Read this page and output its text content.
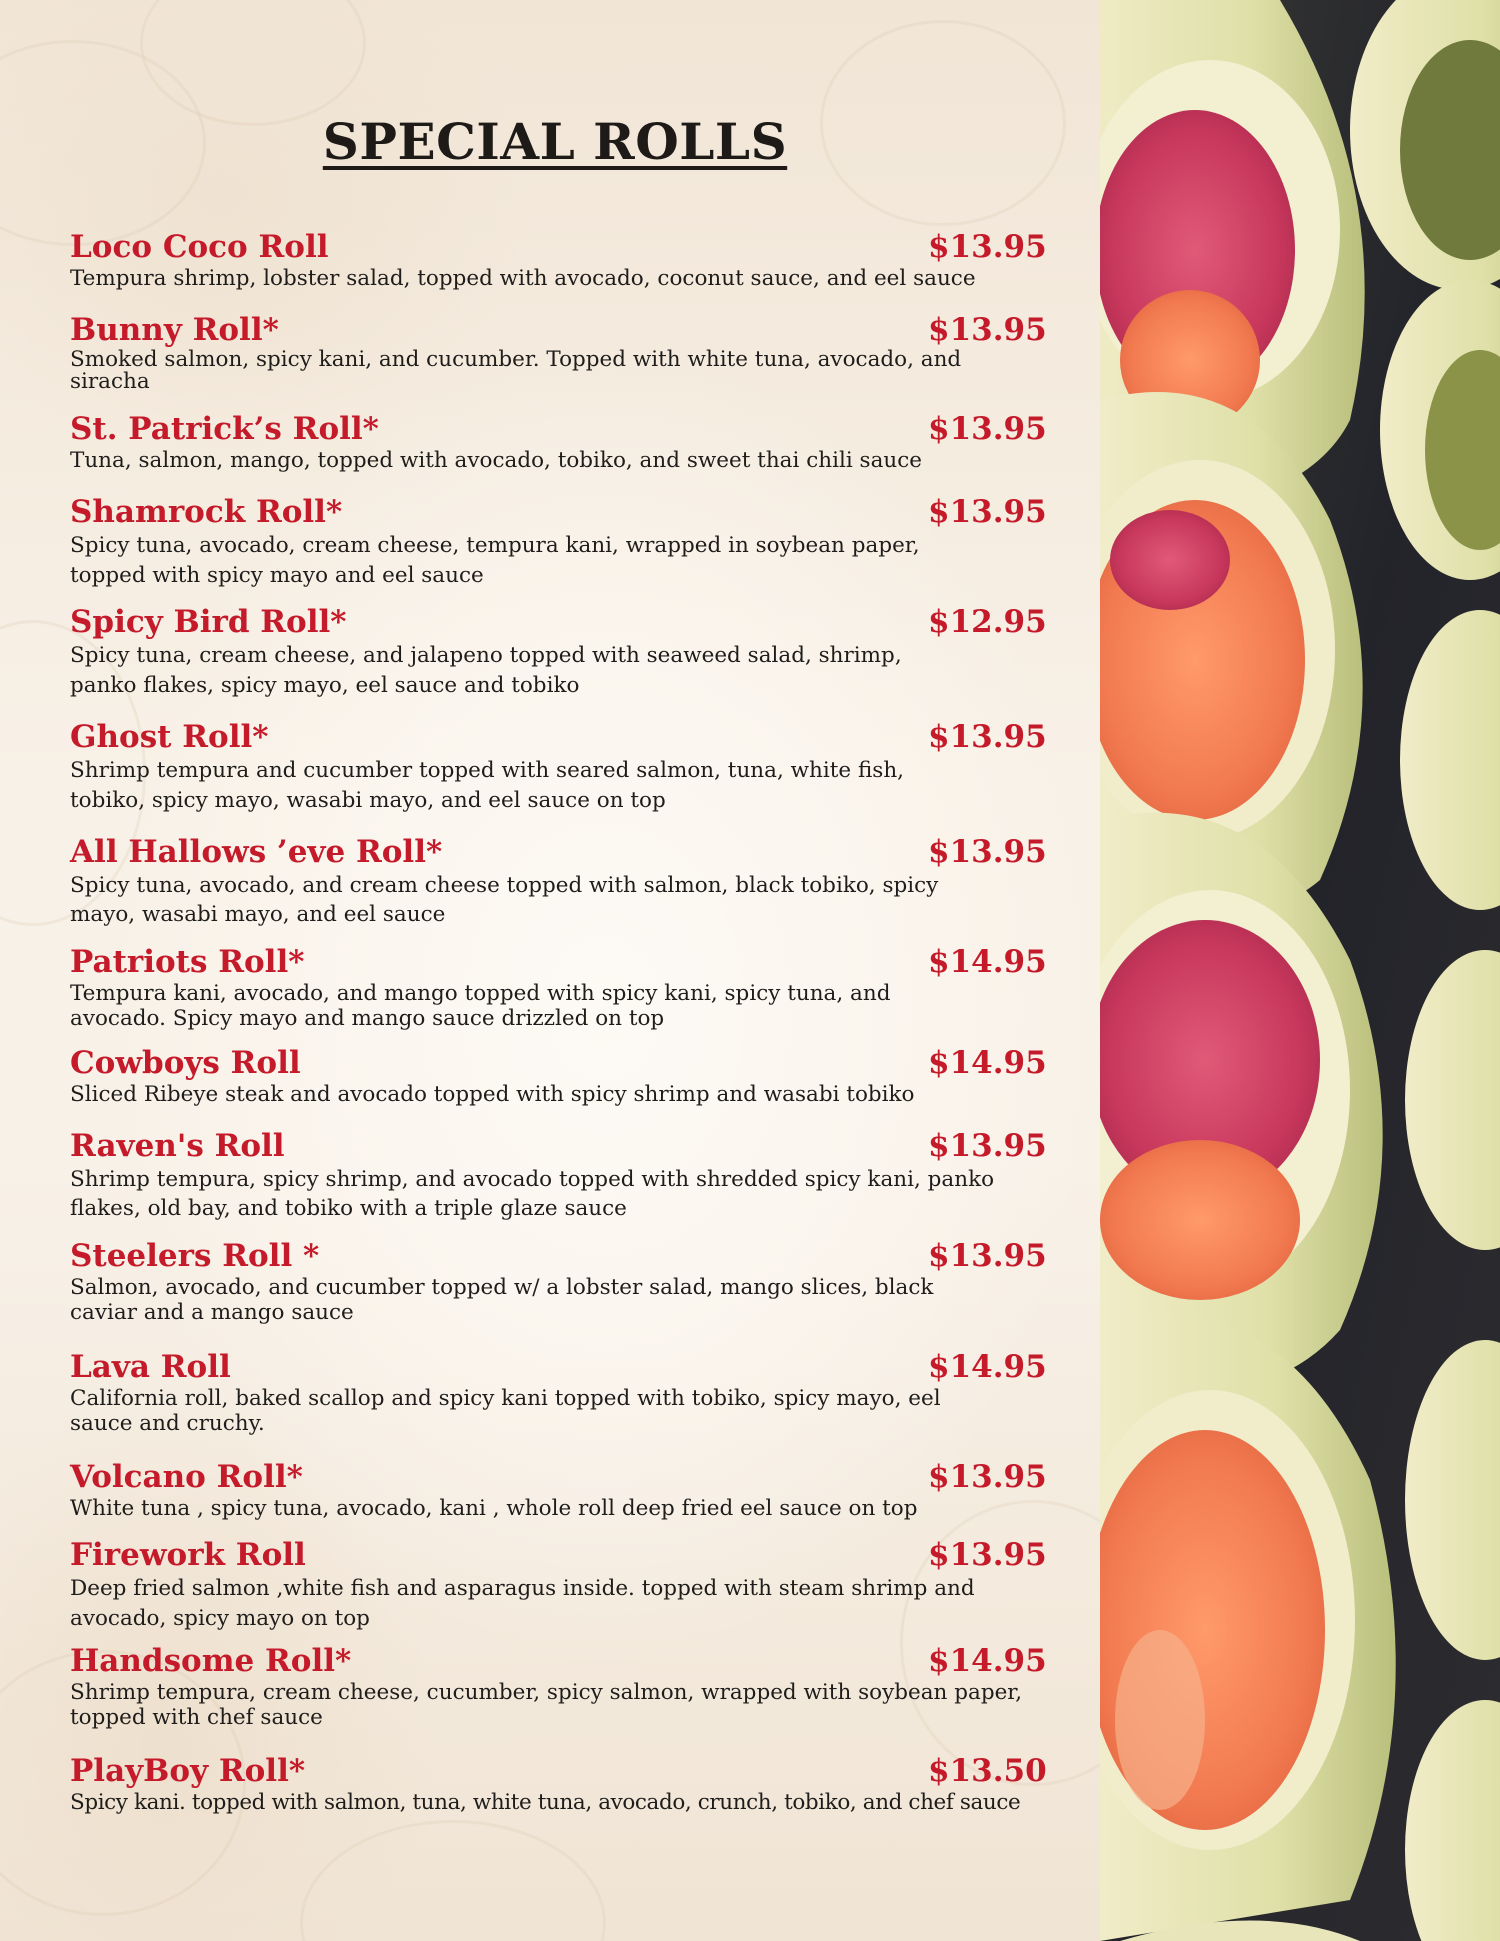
SPECIAL ROLLS
Loco Coco Roll	$13.95

Tempura shrimp, lobster salad, topped with avocado, coconut sauce, and eel sauce

Bunny Roll*	$13.95

Smoked salmon, spicy kani, and cucumber. Topped with white tuna, avocado, and siracha

St. Patrick’s Roll*	$13.95

Tuna, salmon, mango, topped with avocado, tobiko, and sweet thai chili sauce

Shamrock Roll*	$13.95

Spicy tuna, avocado, cream cheese, tempura kani, wrapped in soybean paper, topped with spicy mayo and eel sauce

Spicy Bird Roll*	$12.95

Spicy tuna, cream cheese, and jalapeno topped with seaweed salad, shrimp, panko flakes, spicy mayo, eel sauce and tobiko

Ghost Roll*	$13.95

Shrimp tempura and cucumber topped with seared salmon, tuna, white fish, tobiko, spicy mayo, wasabi mayo, and eel sauce on top

All Hallows ’eve Roll*	$13.95

Spicy tuna, avocado, and cream cheese topped with salmon, black tobiko, spicy mayo, wasabi mayo, and eel sauce

Patriots Roll*	$14.95

Tempura kani, avocado, and mango topped with spicy kani, spicy tuna, and avocado. Spicy mayo and mango sauce drizzled on top

Cowboys Roll	$14.95

Sliced Ribeye steak and avocado topped with spicy shrimp and wasabi tobiko

Raven's Roll	$13.95

Shrimp tempura, spicy shrimp, and avocado topped with shredded spicy kani, panko flakes, old bay, and tobiko with a triple glaze sauce

Steelers Roll *	$13.95

Salmon, avocado, and cucumber topped w/ a lobster salad, mango slices, black caviar and a mango sauce

Lava Roll	$14.95

California roll, baked scallop and spicy kani topped with tobiko, spicy mayo, eel sauce and cruchy.

Volcano Roll*	$13.95

White tuna , spicy tuna, avocado, kani , whole roll deep fried eel sauce on top

Firework Roll	$13.95

Deep fried salmon ,white fish and asparagus inside. topped with steam shrimp and avocado, spicy mayo on top

Handsome Roll*	$14.95

Shrimp tempura, cream cheese, cucumber, spicy salmon, wrapped with soybean paper, topped with chef sauce

PlayBoy Roll*	$13.50

Spicy kani. topped with salmon, tuna, white tuna, avocado, crunch, tobiko, and chef sauce
